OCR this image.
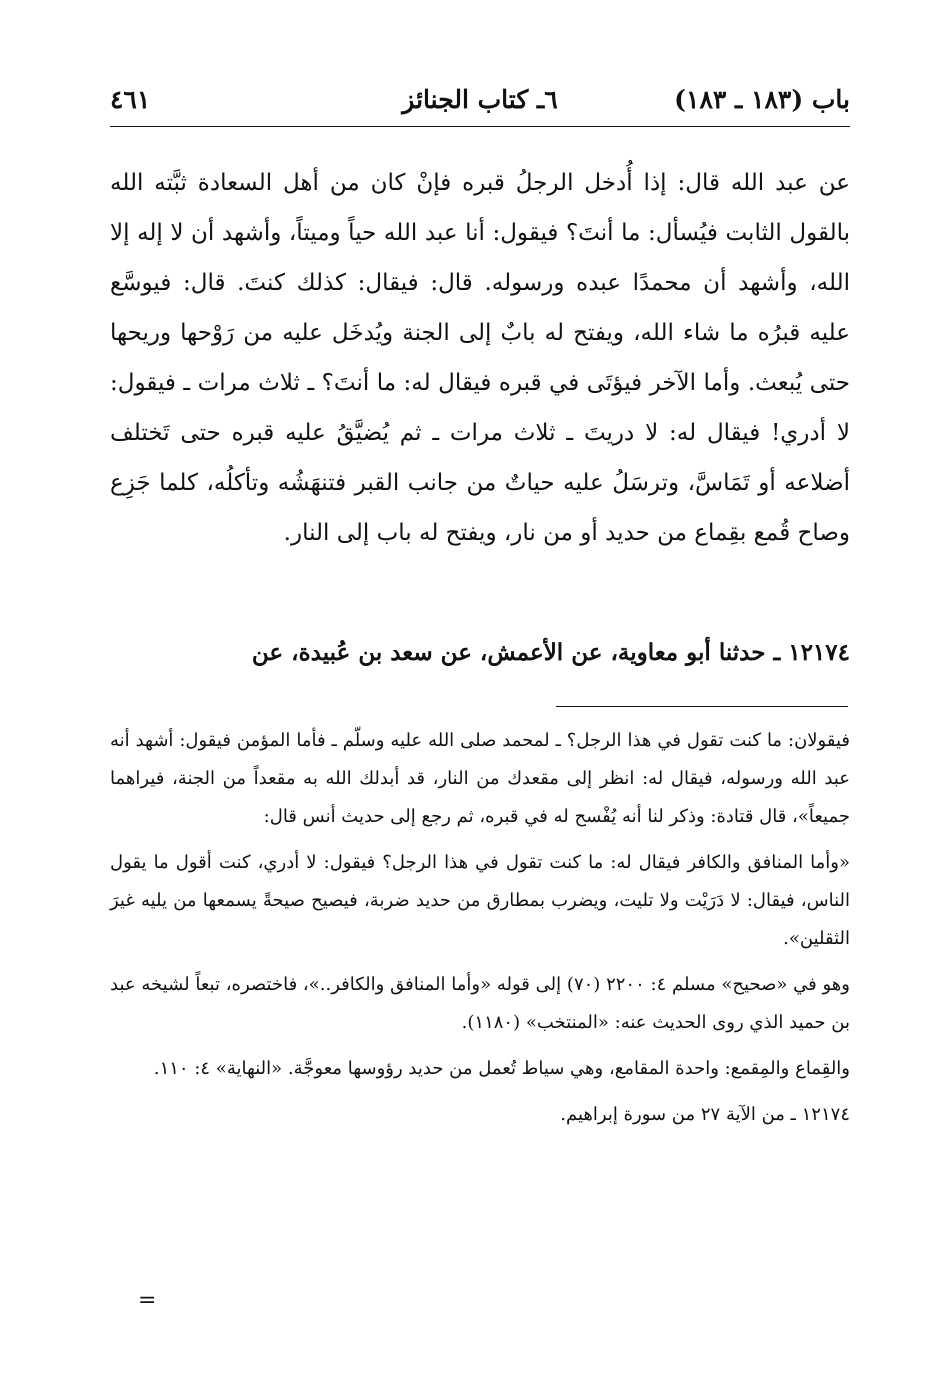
باب (١٨٣ ـ ١٨٣)
٦ـ كتاب الجنائز
٤٦١

عن عبد الله قال: إذا أُدخل الرجلُ قبره فإنْ كان من أهل السعادة ثبَّته الله بالقول الثابت فيُسأل: ما أنتَ؟ فيقول: أنا عبد الله حياً وميتاً، وأشهد أن لا إله إلا الله، وأشهد أن محمدًا عبده ورسوله. قال: فيقال: كذلك كنتَ. قال: فيوسَّع عليه قبرُه ما شاء الله، ويفتح له بابٌ إلى الجنة ويُدخَل عليه من رَوْحها وريحها حتى يُبعث. وأما الآخر فيؤتَى في قبره فيقال له: ما أنتَ؟ ـ ثلاث مرات ـ فيقول: لا أدري! فيقال له: لا دريتَ ـ ثلاث مرات ـ ثم يُضيَّقُ عليه قبره حتى تَختلف أضلاعه أو تَمَاسَّ، وترسَلُ عليه حياتٌ من جانب القبر فتنهَشُه وتأكلُه، كلما جَزِع وصاح قُمع بقِماع من حديد أو من نار، ويفتح له باب إلى النار.

١٢١٧٤ ـ حدثنا أبو معاوية، عن الأعمش، عن سعد بن عُبيدة، عن

فيقولان: ما كنت تقول في هذا الرجل؟ ـ لمحمد صلى الله عليه وسلّم ـ فأما المؤمن فيقول: أشهد أنه عبد الله ورسوله، فيقال له: انظر إلى مقعدك من النار، قد أبدلك الله به مقعداً من الجنة، فيراهما جميعاً»، قال قتادة: وذكر لنا أنه يُفْسح له في قبره، ثم رجع إلى حديث أنس قال:

«وأما المنافق والكافر فيقال له: ما كنت تقول في هذا الرجل؟ فيقول: لا أدري، كنت أقول ما يقول الناس، فيقال: لا دَرَيْت ولا تليت، ويضرب بمطارق من حديد ضربة، فيصيح صيحةً يسمعها من يليه غيرَ الثقلين».

وهو في «صحيح» مسلم ٤: ٢٢٠٠ (٧٠) إلى قوله «وأما المنافق والكافر..»، فاختصره، تبعاً لشيخه عبد بن حميد الذي روى الحديث عنه: «المنتخب» (١١٨٠).

والقِماع والمِقمع: واحدة المقامع، وهي سياط تُعمل من حديد رؤوسها معوجَّة. «النهاية» ٤: ١١٠.

١٢١٧٤ ـ من الآية ٢٧ من سورة إبراهيم.

=
